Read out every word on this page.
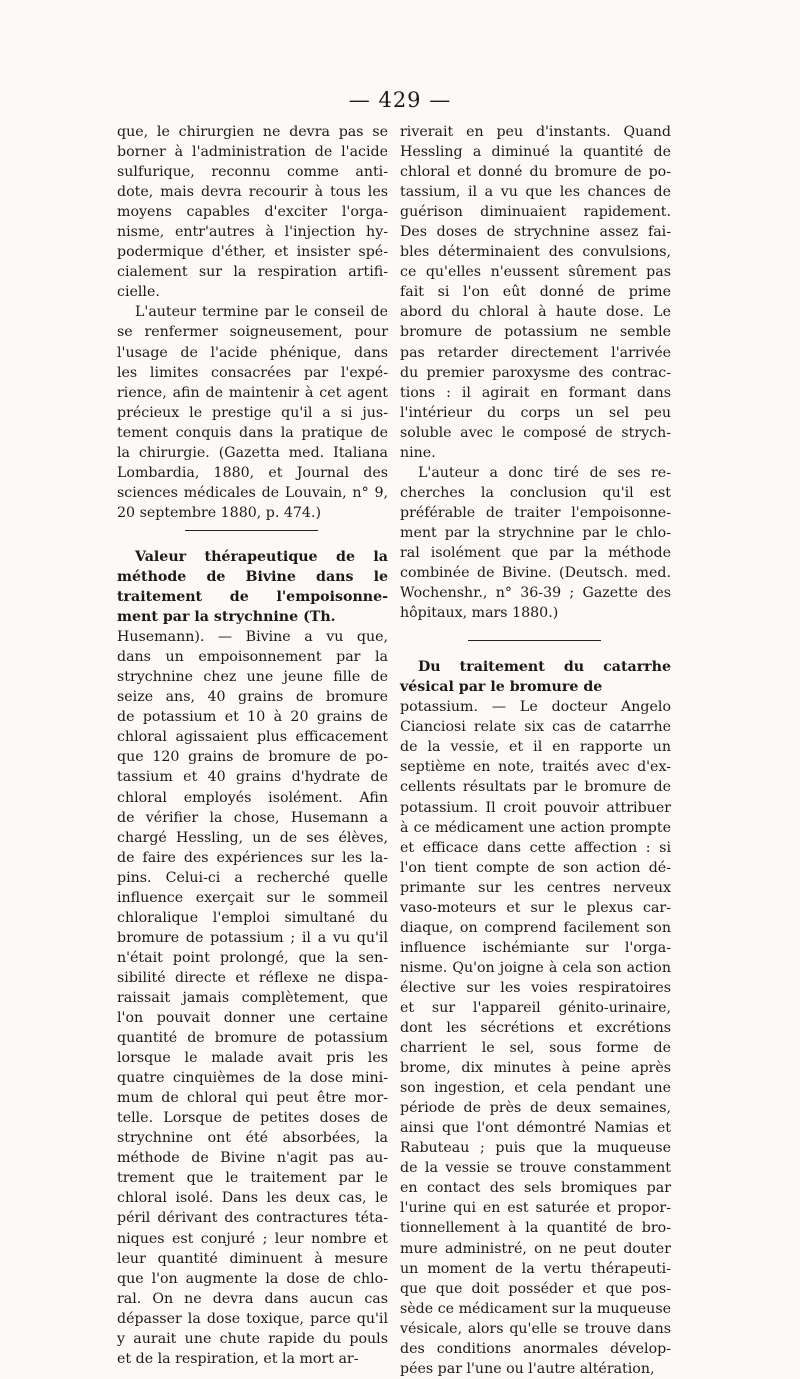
— 429 —
que, le chirurgien ne devra pas se
borner à l'administration de l'acide
sulfurique, reconnu comme anti-
dote, mais devra recourir à tous les
moyens capables d'exciter l'orga-
nisme, entr'autres à l'injection hy-
podermique d'éther, et insister spé-
cialement sur la respiration artifi-
cielle.
L'auteur termine par le conseil de
se renfermer soigneusement, pour
l'usage de l'acide phénique, dans
les limites consacrées par l'expé-
rience, afin de maintenir à cet agent
précieux le prestige qu'il a si jus-
tement conquis dans la pratique de
la chirurgie. (Gazetta med. Italiana
Lombardia, 1880, et Journal des
sciences médicales de Louvain, n° 9,
20 septembre 1880, p. 474.)
Valeur thérapeutique de la
méthode de Bivine dans le
traitement de l'empoisonne-
ment par la strychnine (Th.
Husemann). — Bivine a vu que,
dans un empoisonnement par la
strychnine chez une jeune fille de
seize ans, 40 grains de bromure
de potassium et 10 à 20 grains de
chloral agissaient plus efficacement
que 120 grains de bromure de po-
tassium et 40 grains d'hydrate de
chloral employés isolément. Afin
de vérifier la chose, Husemann a
chargé Hessling, un de ses élèves,
de faire des expériences sur les la-
pins. Celui-ci a recherché quelle
influence exerçait sur le sommeil
chloralique l'emploi simultané du
bromure de potassium ; il a vu qu'il
n'était point prolongé, que la sen-
sibilité directe et réflexe ne dispa-
raissait jamais complètement, que
l'on pouvait donner une certaine
quantité de bromure de potassium
lorsque le malade avait pris les
quatre cinquièmes de la dose mini-
mum de chloral qui peut être mor-
telle. Lorsque de petites doses de
strychnine ont été absorbées, la
méthode de Bivine n'agit pas au-
trement que le traitement par le
chloral isolé. Dans les deux cas, le
péril dérivant des contractures téta-
niques est conjuré ; leur nombre et
leur quantité diminuent à mesure
que l'on augmente la dose de chlo-
ral. On ne devra dans aucun cas
dépasser la dose toxique, parce qu'il
y aurait une chute rapide du pouls
et de la respiration, et la mort ar-
riverait en peu d'instants. Quand
Hessling a diminué la quantité de
chloral et donné du bromure de po-
tassium, il a vu que les chances de
guérison diminuaient rapidement.
Des doses de strychnine assez fai-
bles déterminaient des convulsions,
ce qu'elles n'eussent sûrement pas
fait si l'on eût donné de prime
abord du chloral à haute dose. Le
bromure de potassium ne semble
pas retarder directement l'arrivée
du premier paroxysme des contrac-
tions : il agirait en formant dans
l'intérieur du corps un sel peu
soluble avec le composé de strych-
nine.
L'auteur a donc tiré de ses re-
cherches la conclusion qu'il est
préférable de traiter l'empoisonne-
ment par la strychnine par le chlo-
ral isolément que par la méthode
combinée de Bivine. (Deutsch. med.
Wochenshr., n° 36-39 ; Gazette des
hôpitaux, mars 1880.)
Du traitement du catarrhe
vésical par le bromure de
potassium. — Le docteur Angelo
Cianciosi relate six cas de catarrhe
de la vessie, et il en rapporte un
septième en note, traités avec d'ex-
cellents résultats par le bromure de
potassium. Il croit pouvoir attribuer
à ce médicament une action prompte
et efficace dans cette affection : si
l'on tient compte de son action dé-
primante sur les centres nerveux
vaso-moteurs et sur le plexus car-
diaque, on comprend facilement son
influence ischémiante sur l'orga-
nisme. Qu'on joigne à cela son action
élective sur les voies respiratoires
et sur l'appareil génito-urinaire,
dont les sécrétions et excrétions
charrient le sel, sous forme de
brome, dix minutes à peine après
son ingestion, et cela pendant une
période de près de deux semaines,
ainsi que l'ont démontré Namias et
Rabuteau ; puis que la muqueuse
de la vessie se trouve constamment
en contact des sels bromiques par
l'urine qui en est saturée et propor-
tionnellement à la quantité de bro-
mure administré, on ne peut douter
un moment de la vertu thérapeuti-
que que doit posséder et que pos-
sède ce médicament sur la muqueuse
vésicale, alors qu'elle se trouve dans
des conditions anormales dévelop-
pées par l'une ou l'autre altération,
